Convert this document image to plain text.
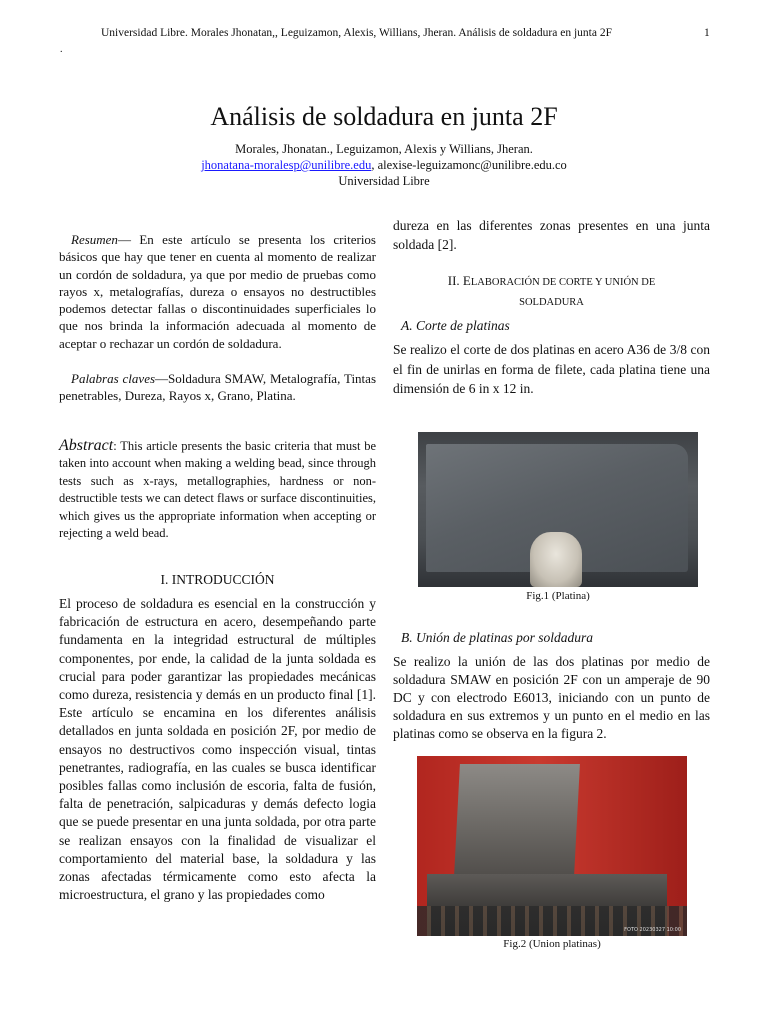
Universidad Libre. Morales Jhonatan,, Leguizamon, Alexis, Willians, Jheran. Análisis de soldadura en junta 2F	1
.
Análisis de soldadura en junta 2F
Morales, Jhonatan., Leguizamon, Alexis y Willians, Jheran.
jhonatana-moralesp@unilibre.edu, alexise-leguizamonc@unilibre.edu.co
Universidad Libre

Resumen— En este artículo se presenta los criterios básicos que hay que tener en cuenta al momento de realizar un cordón de soldadura, ya que por medio de pruebas como rayos x, metalografías, dureza o ensayos no destructibles podemos detectar fallas o discontinuidades superficiales lo que nos brinda la información adecuada al momento de aceptar o rechazar un cordón de soldadura.

Palabras claves—Soldadura SMAW, Metalografía, Tintas penetrables, Dureza, Rayos x, Grano, Platina.

Abstract: This article presents the basic criteria that must be taken into account when making a welding bead, since through tests such as x-rays, metallographies, hardness or non-destructible tests we can detect flaws or surface discontinuities, which gives us the appropriate information when accepting or rejecting a weld bead.

I. INTRODUCCIÓN

El proceso de soldadura es esencial en la construcción y fabricación de estructura en acero, desempeñando parte fundamenta en la integridad estructural de múltiples componentes, por ende, la calidad de la junta soldada es crucial para poder garantizar las propiedades mecánicas como dureza, resistencia y demás en un producto final [1]. Este artículo se encamina en los diferentes análisis detallados en junta soldada en posición 2F, por medio de ensayos no destructivos como inspección visual, tintas penetrantes, radiografía, en las cuales se busca identificar posibles fallas como inclusión de escoria, falta de fusión, falta de penetración, salpicaduras y demás defecto logia que se puede presentar en una junta soldada, por otra parte se realizan ensayos con la finalidad de visualizar el comportamiento del material base, la soldadura y las zonas afectadas térmicamente como esto afecta la microestructura, el grano y las propiedades como

dureza en las diferentes zonas presentes en una junta soldada [2].

II. ELABORACIÓN DE CORTE Y UNIÓN DE
SOLDADURA
A. Corte de platinas

Se realizo el corte de dos platinas en acero A36 de 3/8 con el fin de unirlas en forma de filete, cada platina tiene una dimensión de 6 in x 12 in.

Fig.1 (Platina)
B. Unión de platinas por soldadura

Se realizo la unión de las dos platinas por medio de soldadura SMAW en posición 2F con un amperaje de 90 DC y con electrodo E6013, iniciando con un punto de soldadura en sus extremos y un punto en el medio en las platinas como se observa en la figura 2.

FOTO 20230327 10:00
Fig.2 (Union platinas)
